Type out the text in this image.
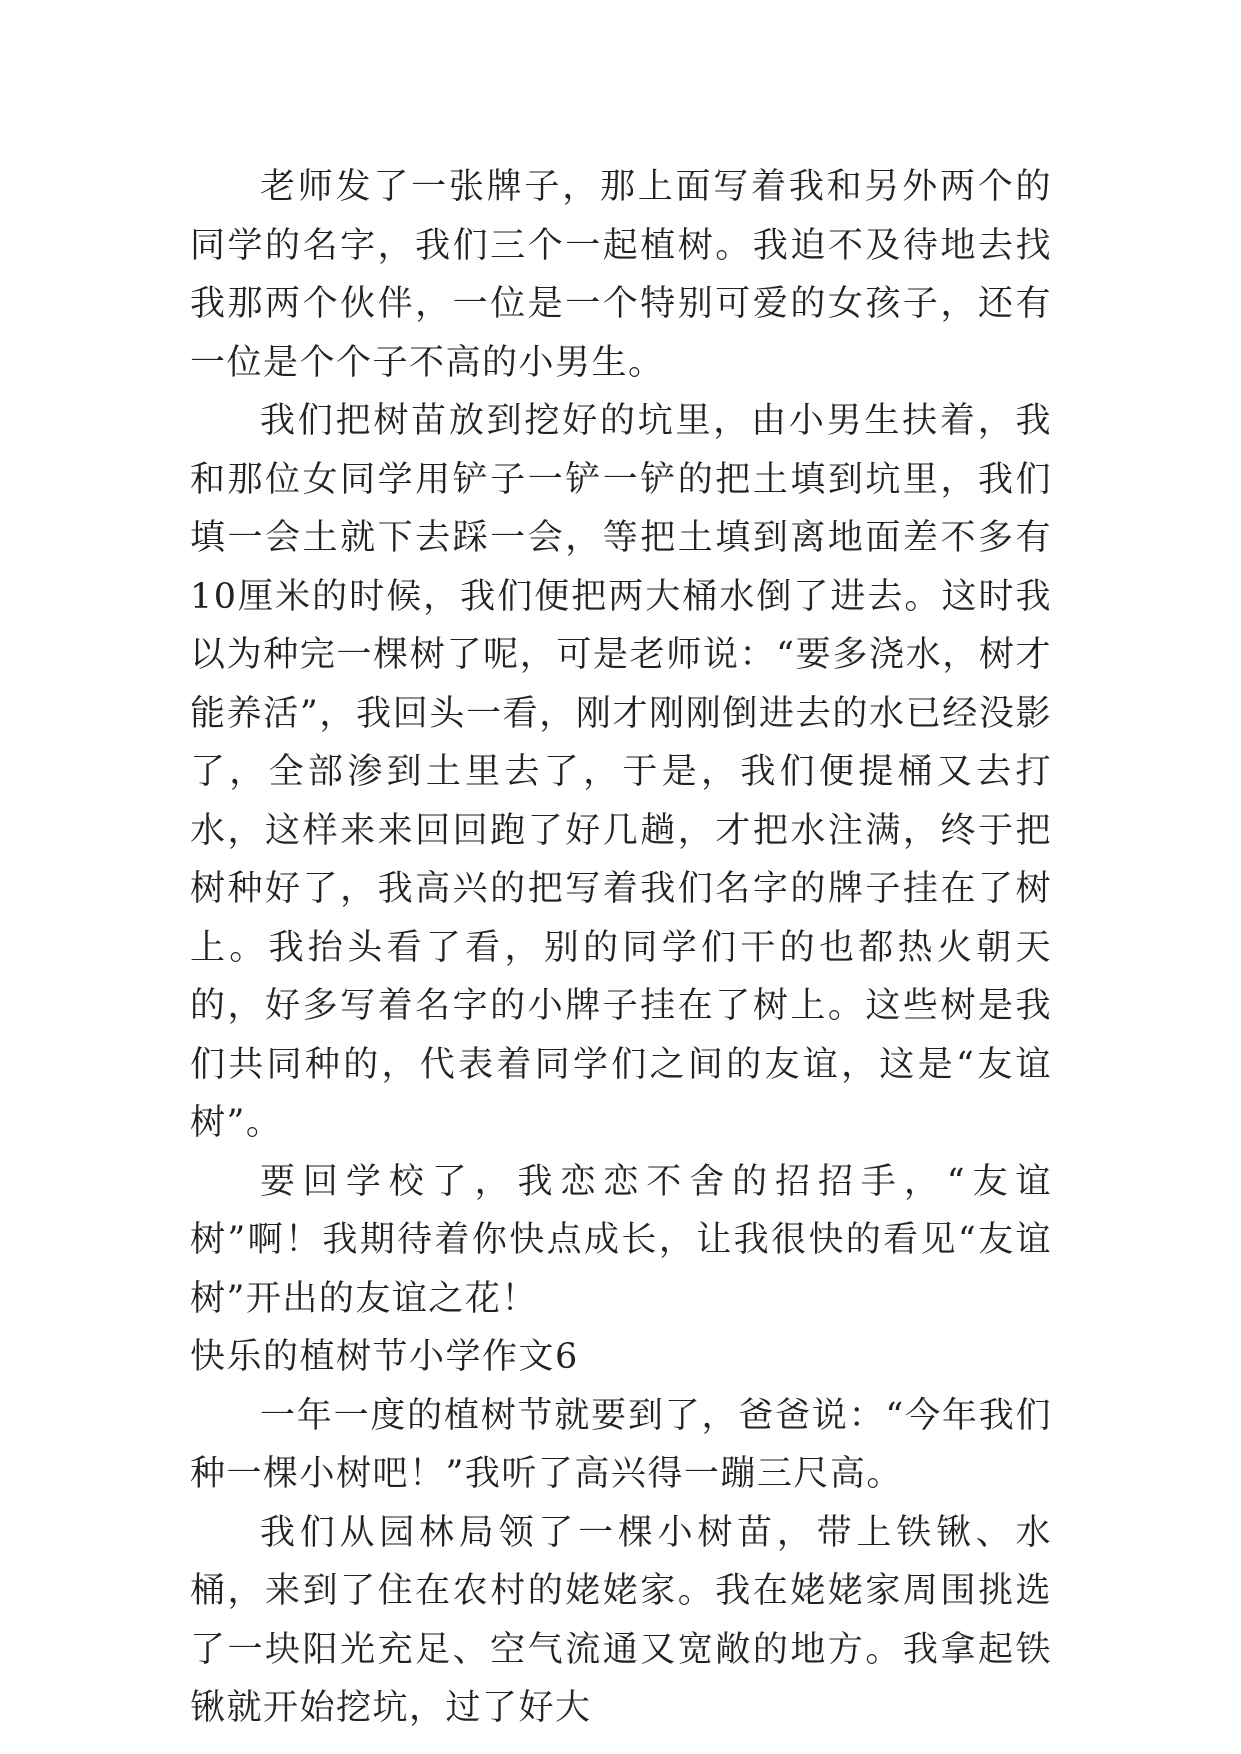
老师发了一张牌子，那上面写着我和另外两个的同学的名字，我们三个一起植树。我迫不及待地去找我那两个伙伴，一位是一个特别可爱的女孩子，还有一位是个个子不高的小男生。

我们把树苗放到挖好的坑里，由小男生扶着，我和那位女同学用铲子一铲一铲的把土填到坑里，我们填一会土就下去踩一会，等把土填到离地面差不多有10厘米的时候，我们便把两大桶水倒了进去。这时我以为种完一棵树了呢，可是老师说：“要多浇水，树才能养活”，我回头一看，刚才刚刚倒进去的水已经没影了，全部渗到土里去了，于是，我们便提桶又去打水，这样来来回回跑了好几趟，才把水注满，终于把树种好了，我高兴的把写着我们名字的牌子挂在了树上。我抬头看了看，别的同学们干的也都热火朝天的，好多写着名字的小牌子挂在了树上。这些树是我们共同种的，代表着同学们之间的友谊，这是“友谊树”。

要回学校了，我恋恋不舍的招招手，“友谊树”啊！我期待着你快点成长，让我很快的看见“友谊树”开出的友谊之花！

快乐的植树节小学作文6

一年一度的植树节就要到了，爸爸说：“今年我们种一棵小树吧！”我听了高兴得一蹦三尺高。

我们从园林局领了一棵小树苗，带上铁锹、水桶，来到了住在农村的姥姥家。我在姥姥家周围挑选了一块阳光充足、空气流通又宽敞的地方。我拿起铁锹就开始挖坑，过了好大
